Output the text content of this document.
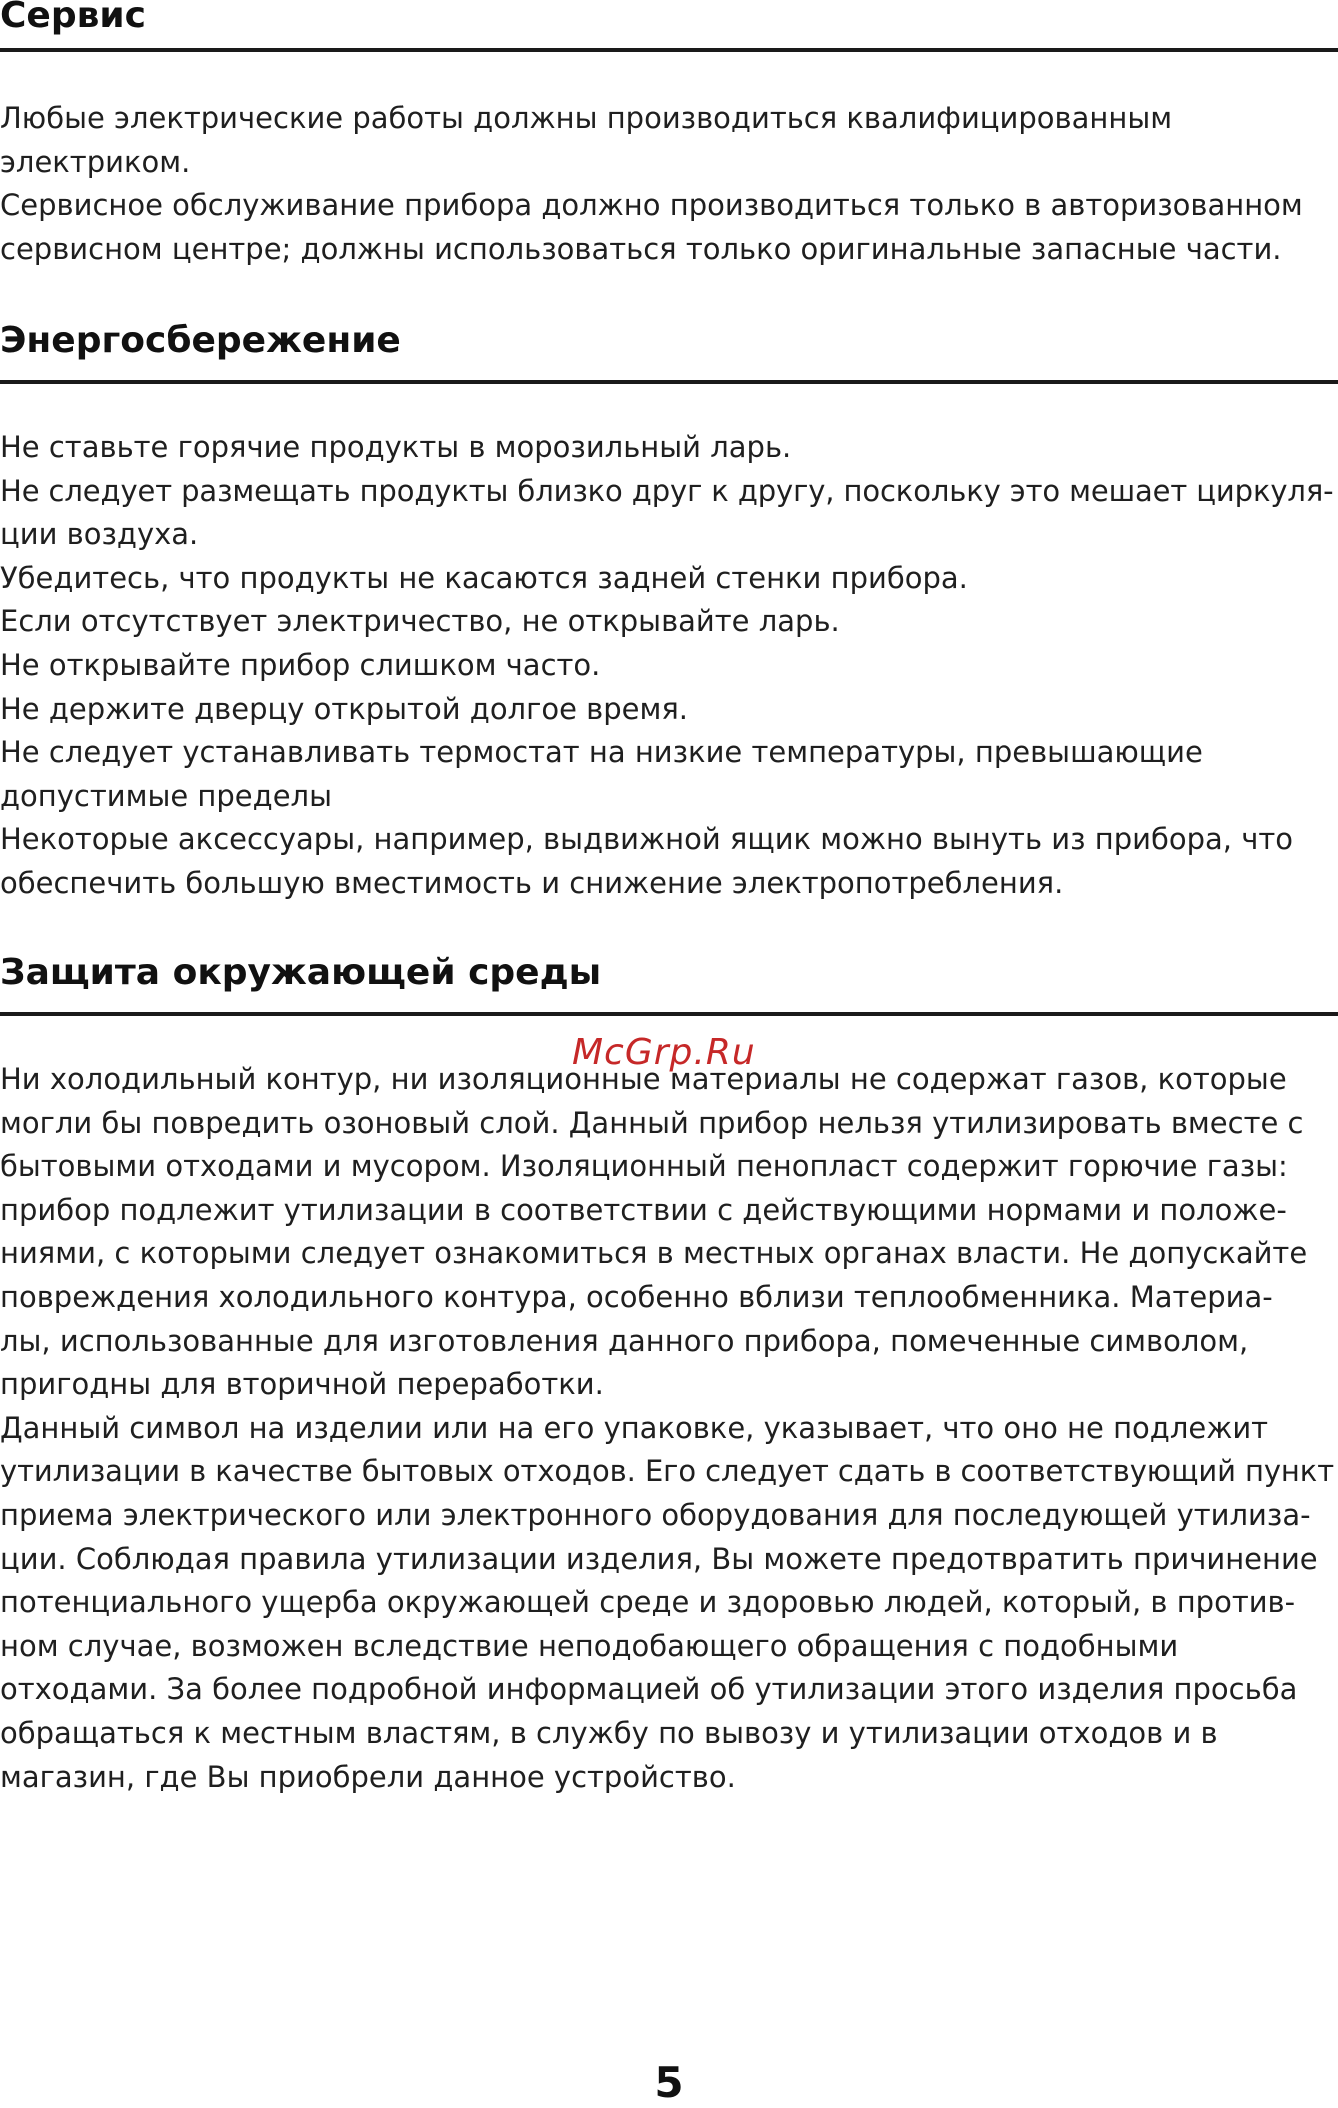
Сервис
Любые электрические работы должны производиться квалифицированным
электриком.
Сервисное обслуживание прибора должно производиться только в авторизованном
сервисном центре; должны использоваться только оригинальные запасные части.
Энергосбережение
Не ставьте горячие продукты в морозильный ларь.
Не следует размещать продукты близко друг к другу, поскольку это мешает циркуля-
ции воздуха.
Убедитесь, что продукты не касаются задней стенки прибора.
Если отсутствует электричество, не открывайте ларь.
Не открывайте прибор слишком часто.
Не держите дверцу открытой долгое время.
Не следует устанавливать термостат на низкие температуры, превышающие
допустимые пределы
Некоторые аксессуары, например, выдвижной ящик можно вынуть из прибора, что
обеспечить большую вместимость и снижение электропотребления.
Защита окружающей среды
Ни холодильный контур, ни изоляционные материалы не содержат газов, которые
могли бы повредить озоновый слой. Данный прибор нельзя утилизировать вместе с
бытовыми отходами и мусором. Изоляционный пенопласт содержит горючие газы:
прибор подлежит утилизации в соответствии с действующими нормами и положе-
ниями, с которыми следует ознакомиться в местных органах власти. Не допускайте
повреждения холодильного контура, особенно вблизи теплообменника. Материа-
лы, использованные для изготовления данного прибора, помеченные символом,
пригодны для вторичной переработки.
Данный символ на изделии или на его упаковке, указывает, что оно не подлежит
утилизации в качестве бытовых отходов. Его следует сдать в соответствующий пункт
приема электрического или электронного оборудования для последующей утилиза-
ции. Соблюдая правила утилизации изделия, Вы можете предотвратить причинение
потенциального ущерба окружающей среде и здоровью людей, который, в против-
ном случае, возможен вследствие неподобающего обращения с подобными
отходами. За более подробной информацией об утилизации этого изделия просьба
обращаться к местным властям, в службу по вывозу и утилизации отходов и в
магазин, где Вы приобрели данное устройство.
McGrp.Ru
5
